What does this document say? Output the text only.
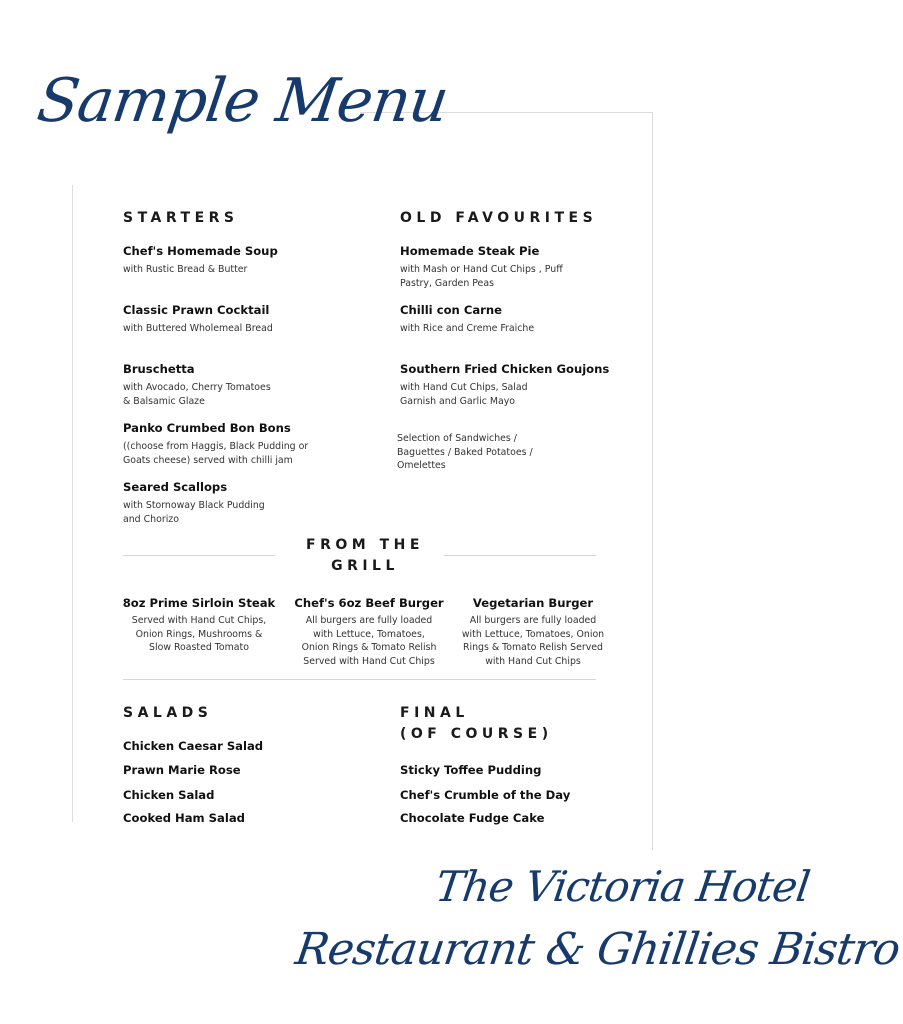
Sample Menu
STARTERS
Chef's Homemade Soup
with Rustic Bread & Butter
Classic Prawn Cocktail
with Buttered Wholemeal Bread
Bruschetta
with Avocado, Cherry Tomatoes & Balsamic Glaze
Panko Crumbed Bon Bons
((choose from Haggis, Black Pudding or Goats cheese) served with chilli jam
Seared Scallops
with Stornoway Black Pudding and Chorizo
OLD FAVOURITES
Homemade Steak Pie
with Mash or Hand Cut Chips , Puff Pastry, Garden Peas
Chilli con Carne
with Rice and Creme Fraiche
Southern Fried Chicken Goujons
with Hand Cut Chips, Salad Garnish and Garlic Mayo
Selection of Sandwiches / Baguettes / Baked Potatoes / Omelettes
FROM THE
GRILL
8oz Prime Sirloin Steak
Served with Hand Cut Chips, Onion Rings, Mushrooms & Slow Roasted Tomato
Chef's 6oz Beef Burger
All burgers are fully loaded with Lettuce, Tomatoes, Onion Rings & Tomato Relish Served with Hand Cut Chips
Vegetarian Burger
All burgers are fully loaded with Lettuce, Tomatoes, Onion Rings & Tomato Relish Served with Hand Cut Chips
SALADS
Chicken Caesar Salad
Prawn Marie Rose
Chicken Salad
Cooked Ham Salad
FINAL
(OF COURSE)
Sticky Toffee Pudding
Chef's Crumble of the Day
Chocolate Fudge Cake
The Victoria Hotel
Restaurant & Ghillies Bistro
